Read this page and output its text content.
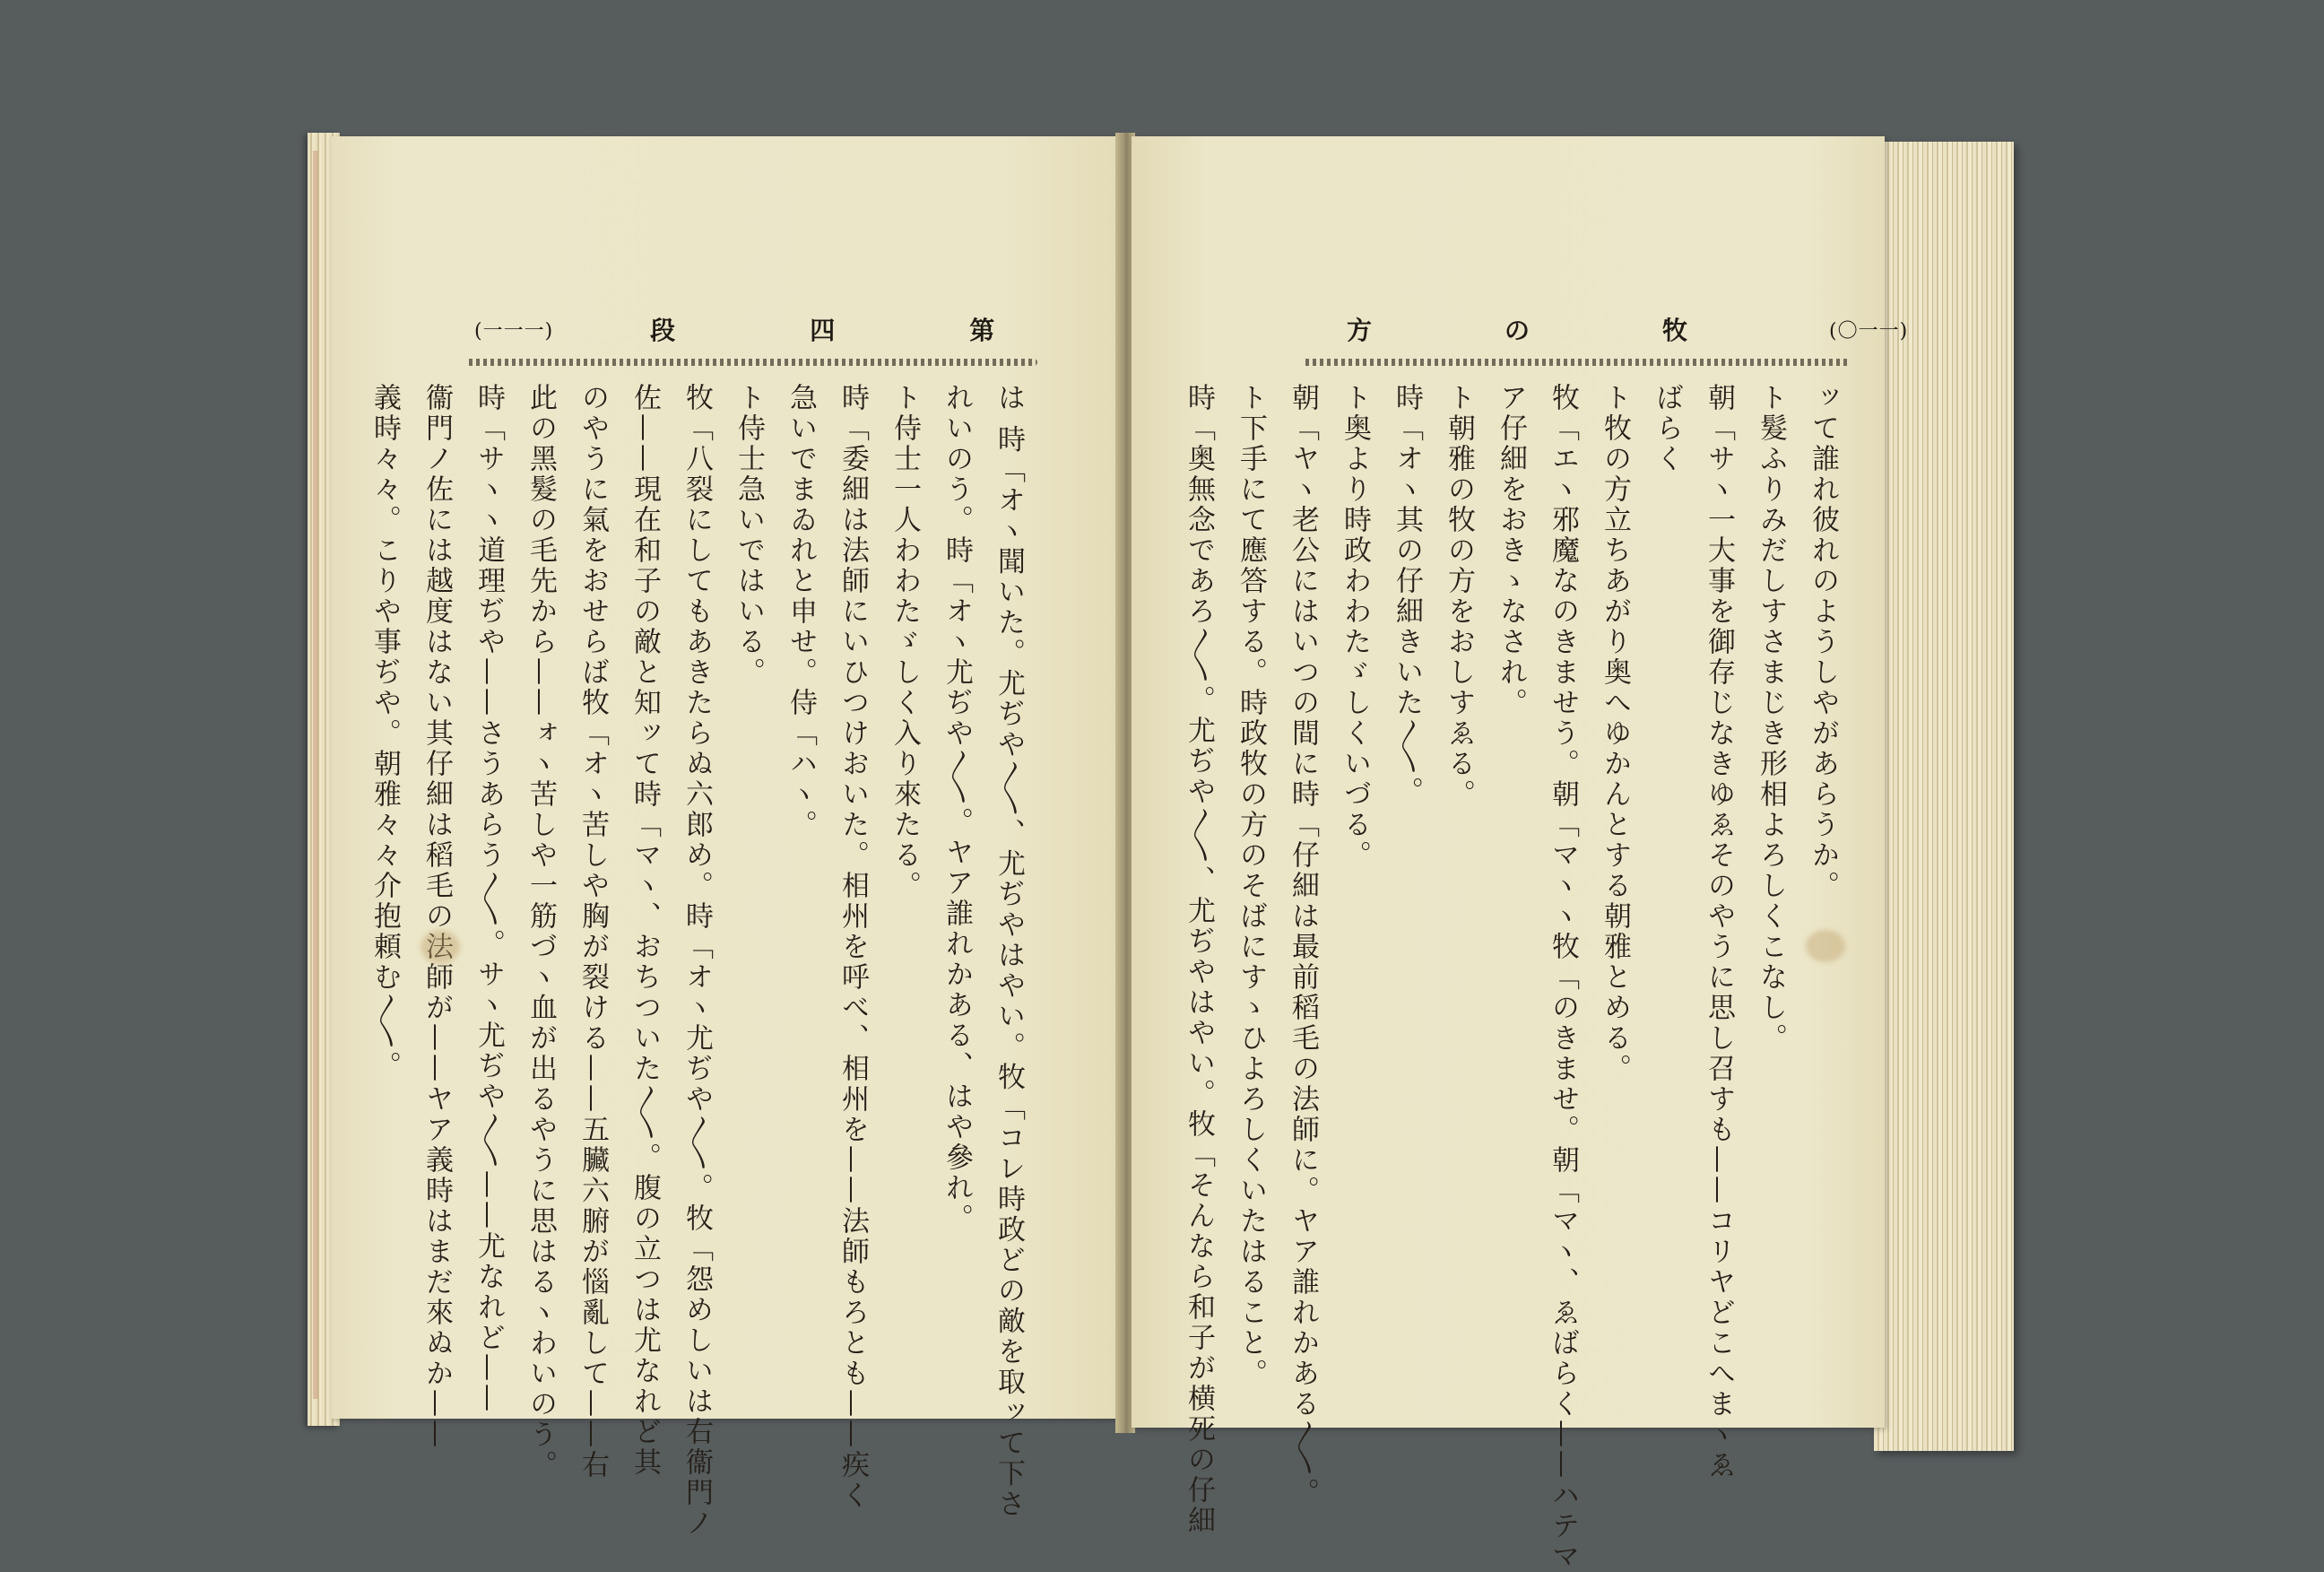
(一一一)	段	四	第
は 時「オヽ聞いた。尤ぢや〳〵、尤ぢやはやい。牧「コレ時政どの敵を取ッて下さ
れいのう。時「オヽ尤ぢや〳〵。ヤア誰れかある、はや參れ。
ト侍士一人わわたゞしく入り來たる。
時「委細は法師にいひつけおいた。相州を呼べ、相州を——法師もろとも——疾く
急いでまゐれと申せ。侍「ハヽ。
ト侍士急いではいる。
牧「八裂にしてもあきたらぬ六郎め。時「オヽ尤ぢや〳〵。牧「怨めしいは右衞門ノ
佐——現在和子の敵と知ッて時「マヽ、おちついた〳〵。腹の立つは尤なれど其
のやうに氣をおせらば牧「オヽ苦しや胸が裂ける——五臟六腑が惱亂して——右
此の黑髮の毛先から——ォヽ苦しや一筋づヽ血が出るやうに思はるヽわいのう。
時「サヽヽ道理ぢや——さうあらう〳〵。サヽ尤ぢや〳〵——尤なれど——
衞門ノ佐には越度はない其仔細は稻毛の法師が——ヤア義時はまだ來ぬか——
義時々々。こりや事ぢや。朝雅々々介抱頼む〳〵。
方	の	牧	(〇一一)
ッて誰れ彼れのようしやがあらうか。
ト髮ふりみだしすさまじき形相よろしくこなし。
朝「サヽ一大事を御存じなきゆゑそのやうに思し召すも——コリヤどこへまヽゑ
ばらく
ト牧の方立ちあがり奥へゆかんとする朝雅とめる。
牧「エヽ邪魔なのきませう。朝「マヽヽ牧「のきませ。朝「マヽ、ゑばらく——ハテマ
ア仔細をおきゝなされ。
ト朝雅の牧の方をおしすゑる。
時「オヽ其の仔細きいた〳〵。
ト奥より時政わわたゞしくいづる。
朝「ヤヽ老公にはいつの間に時「仔細は最前稻毛の法師に。ヤア誰れかある〳〵。
ト下手にて應答する。時政牧の方のそばにすゝひよろしくいたはること。
時「奥無念であろ〳〵。尤ぢや〳〵、尤ぢやはやい。牧「そんなら和子が横死の仔細
